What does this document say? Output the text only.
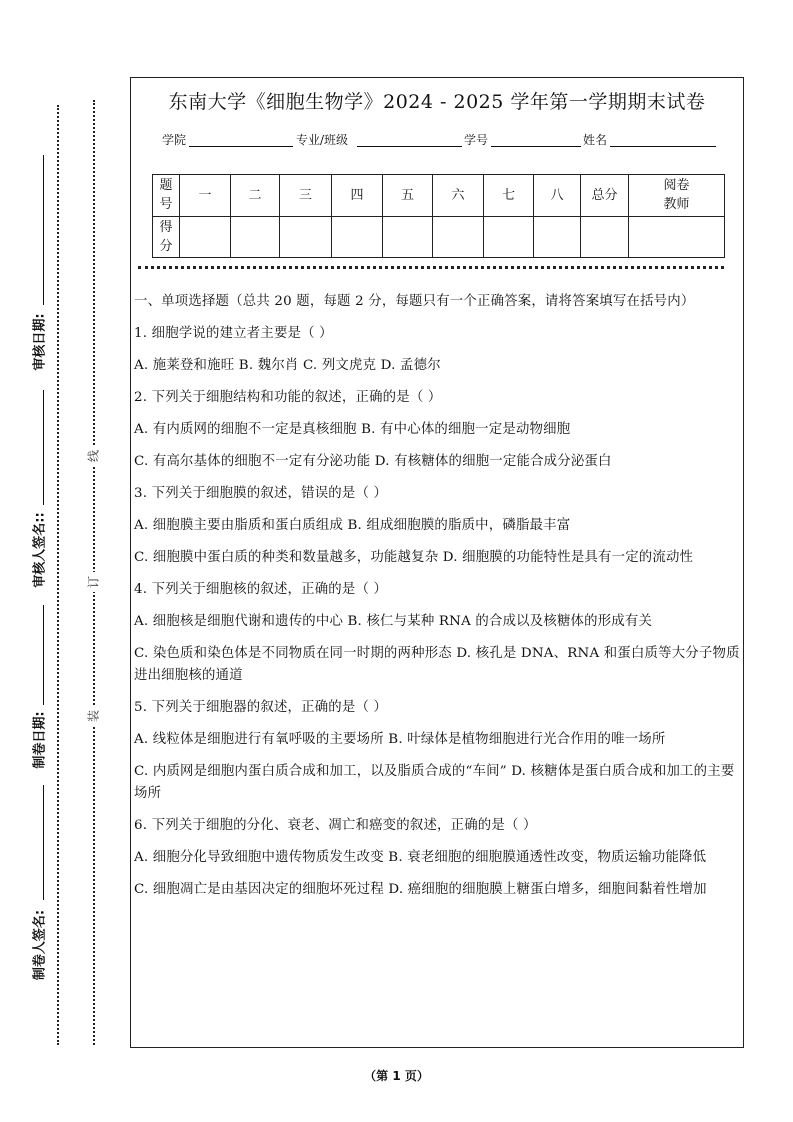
审核日期:
审核人签名::
制卷日期:
制卷人签名:
线
订
装
东南大学《细胞生物学》2024 - 2025 学年第一学期期末试卷
学院	专业/班级	学号	姓名
题
号	一	二	三	四	五	六	七	八	总分	阅卷
教师
得
分										

一、单项选择题（总共 20 题，每题 2 分，每题只有一个正确答案，请将答案填写在括号内）

1. 细胞学说的建立者主要是（ ）

A. 施莱登和施旺 B. 魏尔肖 C. 列文虎克 D. 孟德尔

2. 下列关于细胞结构和功能的叙述，正确的是（ ）

A. 有内质网的细胞不一定是真核细胞 B. 有中心体的细胞一定是动物细胞

C. 有高尔基体的细胞不一定有分泌功能 D. 有核糖体的细胞一定能合成分泌蛋白

3. 下列关于细胞膜的叙述，错误的是（ ）

A. 细胞膜主要由脂质和蛋白质组成 B. 组成细胞膜的脂质中，磷脂最丰富

C. 细胞膜中蛋白质的种类和数量越多，功能越复杂 D. 细胞膜的功能特性是具有一定的流动性

4. 下列关于细胞核的叙述，正确的是（ ）

A. 细胞核是细胞代谢和遗传的中心 B. 核仁与某种 RNA 的合成以及核糖体的形成有关

C. 染色质和染色体是不同物质在同一时期的两种形态 D. 核孔是 DNA、RNA 和蛋白质等大分子物质进出细胞核的通道

5. 下列关于细胞器的叙述，正确的是（ ）

A. 线粒体是细胞进行有氧呼吸的主要场所 B. 叶绿体是植物细胞进行光合作用的唯一场所

C. 内质网是细胞内蛋白质合成和加工，以及脂质合成的“车间” D. 核糖体是蛋白质合成和加工的主要场所

6. 下列关于细胞的分化、衰老、凋亡和癌变的叙述，正确的是（ ）

A. 细胞分化导致细胞中遗传物质发生改变 B. 衰老细胞的细胞膜通透性改变，物质运输功能降低

C. 细胞凋亡是由基因决定的细胞坏死过程 D. 癌细胞的细胞膜上糖蛋白增多，细胞间黏着性增加

（第 1 页）
